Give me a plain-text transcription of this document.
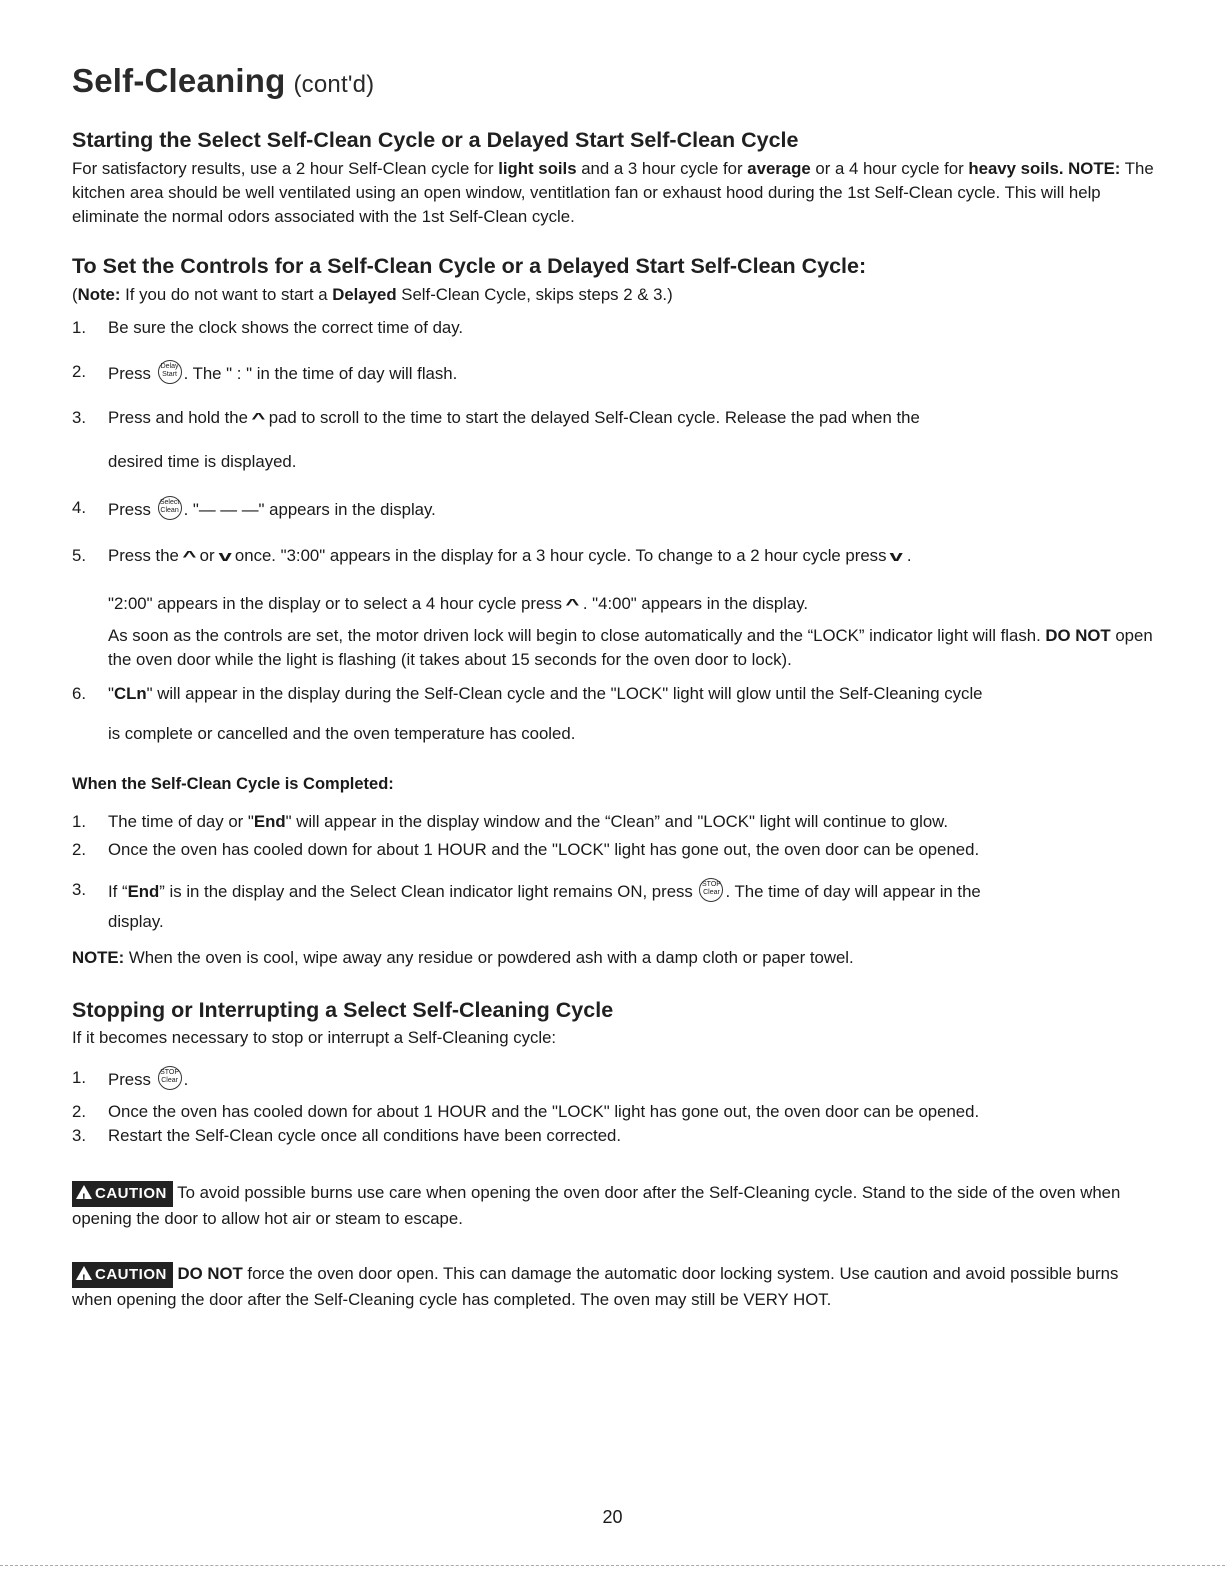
Self-Cleaning (cont'd)
Starting the Select Self-Clean Cycle or a Delayed Start Self-Clean Cycle

For satisfactory results, use a 2 hour Self-Clean cycle for light soils and a 3 hour cycle for average or a 4 hour cycle for heavy soils. NOTE: The kitchen area should be well ventilated using an open window, ventitlation fan or exhaust hood during the 1st Self-Clean cycle. This will help eliminate the normal odors associated with the 1st Self-Clean cycle.

To Set the Controls for a Self-Clean Cycle or a Delayed Start Self-Clean Cycle:

(Note: If you do not want to start a Delayed Self-Clean Cycle, skips steps 2 & 3.)

1. Be sure the clock shows the correct time of day.
2. Press Delay Start . The " : " in the time of day will flash.
3. Press and hold the ^ pad to scroll to the time to start the delayed Self-Clean cycle. Release the pad when the
desired time is displayed.
4. Press Select Clean . "— — —" appears in the display.
5. Press the ^ or v once. "3:00" appears in the display for a 3 hour cycle. To change to a 2 hour cycle press v .
"2:00" appears in the display or to select a 4 hour cycle press ^ . "4:00" appears in the display.
As soon as the controls are set, the motor driven lock will begin to close automatically and the “LOCK” indicator light will flash. DO NOT open the oven door while the light is flashing (it takes about 15 seconds for the oven door to lock).
6. "CLn" will appear in the display during the Self-Clean cycle and the "LOCK" light will glow until the Self-Cleaning cycle
is complete or cancelled and the oven temperature has cooled.
When the Self-Clean Cycle is Completed:
1. The time of day or "End" will appear in the display window and the “Clean” and "LOCK" light will continue to glow.
2. Once the oven has cooled down for about 1 HOUR and the "LOCK" light has gone out, the oven door can be opened.
3. If “End” is in the display and the Select Clean indicator light remains ON, press STOP Clear . The time of day will appear in the
display.
NOTE: When the oven is cool, wipe away any residue or powdered ash with a damp cloth or paper towel.
Stopping or Interrupting a Select Self-Cleaning Cycle

If it becomes necessary to stop or interrupt a Self-Cleaning cycle:

1. Press STOP Clear .
2. Once the oven has cooled down for about 1 HOUR and the "LOCK" light has gone out, the oven door can be opened.
3. Restart the Self-Clean cycle once all conditions have been corrected.

!CAUTION To avoid possible burns use care when opening the oven door after the Self-Cleaning cycle. Stand to the side of the oven when opening the door to allow hot air or steam to escape.

!CAUTION DO NOT force the oven door open. This can damage the automatic door locking system. Use caution and avoid possible burns when opening the door after the Self-Cleaning cycle has completed. The oven may still be VERY HOT.

20
